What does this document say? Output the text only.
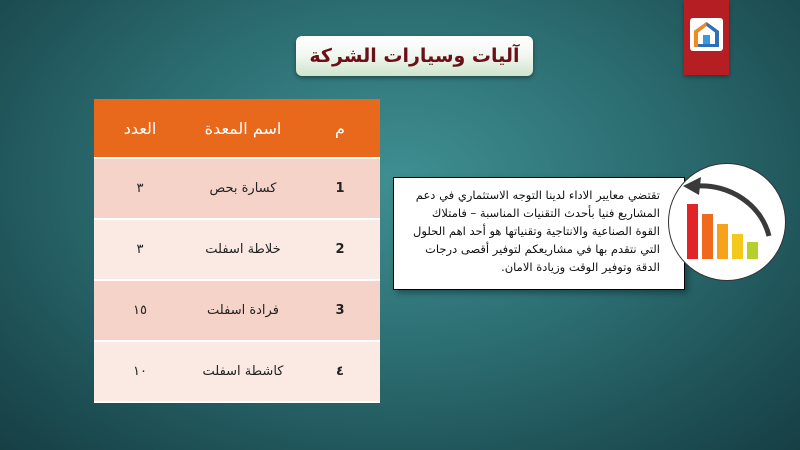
آليات وسيارات الشركة
العدد	اسم المعدة	م
٣	كسارة بحص	1
٣	خلاطة اسفلت	2
١٥	فرادة اسفلت	3
١٠	كاشطة اسفلت	٤

تقتضي معايير الاداء لدينا التوجه الاستثماري في دعم المشاريع فنيا بأحدث التقنيات المناسبة – فامتلاك القوة الصناعية والانتاجية وتقنياتها هو أحد اهم الحلول التي نتقدم بها في مشاريعكم لتوفير أقصى درجات الدقة وتوفير الوقت وزيادة الامان.
